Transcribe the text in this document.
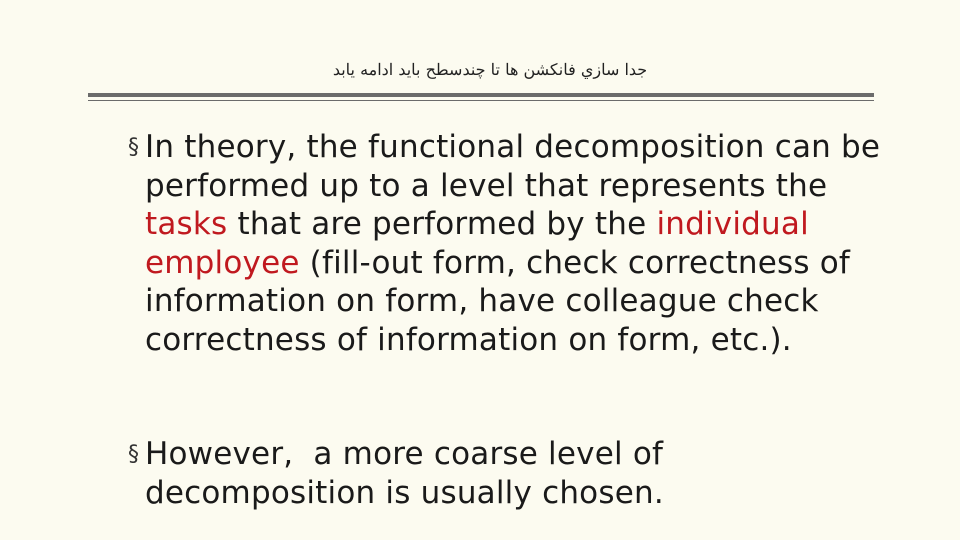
جدا سازي فانکشن ها تا چندسطح بايد ادامه يابد
§ In theory, the functional decomposition can be
performed up to a level that represents the
tasks that are performed by the individual
employee (fill-out form, check correctness of
information on form, have colleague check
correctness of information on form, etc.).
§ However,  a more coarse level of
decomposition is usually chosen.
